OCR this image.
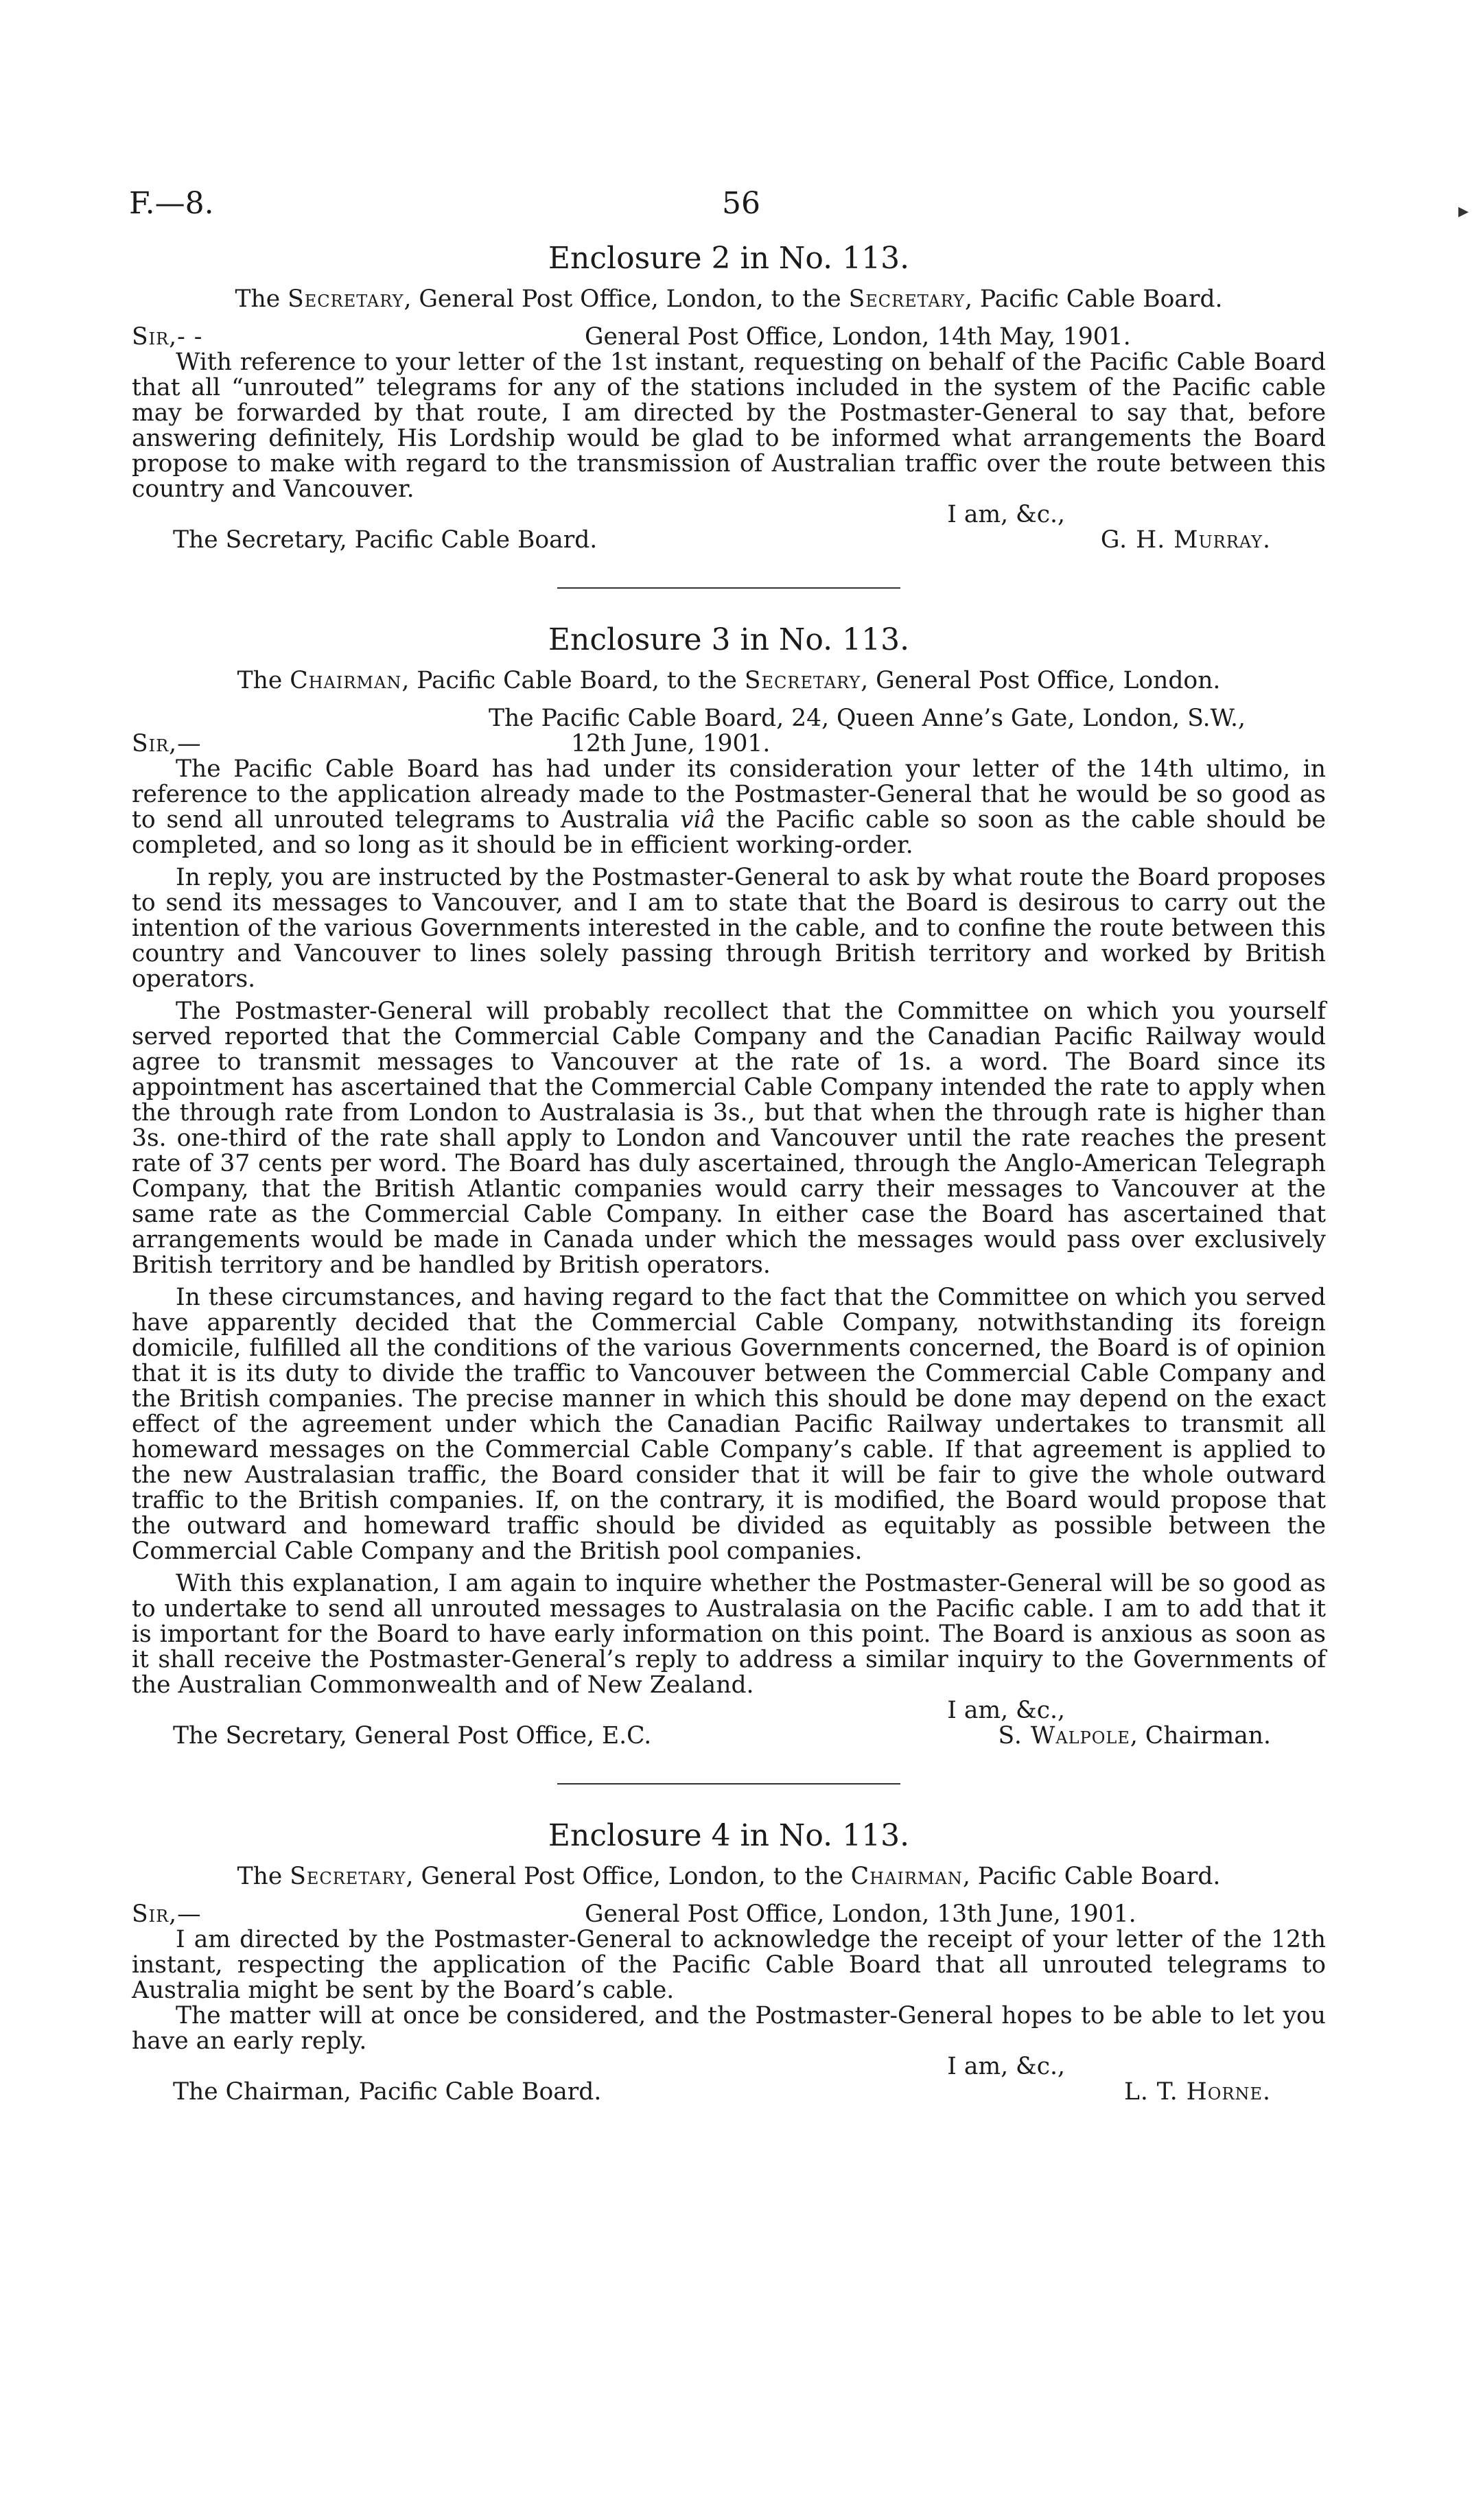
F.—8.	56	▸
Enclosure 2 in No. 113.
The Secretary, General Post Office, London, to the Secretary, Pacific Cable Board.
Sir,- -	General Post Office, London, 14th May, 1901.

With reference to your letter of the 1st instant, requesting on behalf of the Pacific Cable Board that all “unrouted” telegrams for any of the stations included in the system of the Pacific cable may be forwarded by that route, I am directed by the Postmaster-General to say that, before answering definitely, His Lordship would be glad to be informed what arrangements the Board propose to make with regard to the transmission of Australian traffic over the route between this country and Vancouver.

I am, &c.,
The Secretary, Pacific Cable Board.	G. H. Murray.
Enclosure 3 in No. 113.
The Chairman, Pacific Cable Board, to the Secretary, General Post Office, London.
The Pacific Cable Board, 24, Queen Anne’s Gate, London, S.W.,
Sir,—	12th June, 1901.

The Pacific Cable Board has had under its consideration your letter of the 14th ultimo, in reference to the application already made to the Postmaster-General that he would be so good as to send all unrouted telegrams to Australia viâ the Pacific cable so soon as the cable should be completed, and so long as it should be in efficient working-order.

In reply, you are instructed by the Postmaster-General to ask by what route the Board proposes to send its messages to Vancouver, and I am to state that the Board is desirous to carry out the intention of the various Governments interested in the cable, and to confine the route between this country and Vancouver to lines solely passing through British territory and worked by British operators.

The Postmaster-General will probably recollect that the Committee on which you yourself served reported that the Commercial Cable Company and the Canadian Pacific Railway would agree to transmit messages to Vancouver at the rate of 1s. a word. The Board since its appointment has ascertained that the Commercial Cable Company intended the rate to apply when the through rate from London to Australasia is 3s., but that when the through rate is higher than 3s. one-third of the rate shall apply to London and Vancouver until the rate reaches the present rate of 37 cents per word. The Board has duly ascertained, through the Anglo-American Telegraph Company, that the British Atlantic companies would carry their messages to Vancouver at the same rate as the Commercial Cable Company. In either case the Board has ascertained that arrangements would be made in Canada under which the messages would pass over exclusively British territory and be handled by British operators.

In these circumstances, and having regard to the fact that the Committee on which you served have apparently decided that the Commercial Cable Company, notwithstanding its foreign domicile, fulfilled all the conditions of the various Governments concerned, the Board is of opinion that it is its duty to divide the traffic to Vancouver between the Commercial Cable Company and the British companies. The precise manner in which this should be done may depend on the exact effect of the agreement under which the Canadian Pacific Railway undertakes to transmit all homeward messages on the Commercial Cable Company’s cable. If that agreement is applied to the new Australasian traffic, the Board consider that it will be fair to give the whole outward traffic to the British companies. If, on the contrary, it is modified, the Board would propose that the outward and homeward traffic should be divided as equitably as possible between the Commercial Cable Company and the British pool companies.

With this explanation, I am again to inquire whether the Postmaster-General will be so good as to undertake to send all unrouted messages to Australasia on the Pacific cable. I am to add that it is important for the Board to have early information on this point. The Board is anxious as soon as it shall receive the Postmaster-General’s reply to address a similar inquiry to the Governments of the Australian Commonwealth and of New Zealand.

I am, &c.,
The Secretary, General Post Office, E.C.	S. Walpole, Chairman.
Enclosure 4 in No. 113.
The Secretary, General Post Office, London, to the Chairman, Pacific Cable Board.
Sir,—	General Post Office, London, 13th June, 1901.

I am directed by the Postmaster-General to acknowledge the receipt of your letter of the 12th instant, respecting the application of the Pacific Cable Board that all unrouted telegrams to Australia might be sent by the Board’s cable.

The matter will at once be considered, and the Postmaster-General hopes to be able to let you have an early reply.

I am, &c.,
The Chairman, Pacific Cable Board.	L. T. Horne.
